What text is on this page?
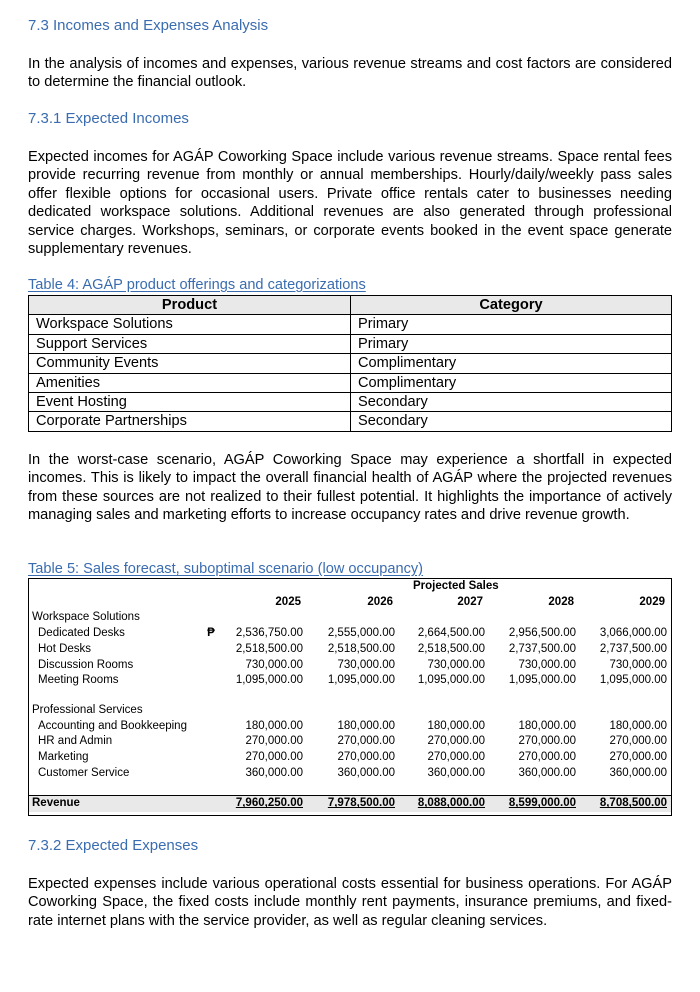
7.3 Incomes and Expenses Analysis
In the analysis of incomes and expenses, various revenue streams and cost factors are considered to determine the financial outlook.
7.3.1 Expected Incomes
Expected incomes for AGÁP Coworking Space include various revenue streams. Space rental fees provide recurring revenue from monthly or annual memberships. Hourly/daily/weekly pass sales offer flexible options for occasional users. Private office rentals cater to businesses needing dedicated workspace solutions. Additional revenues are also generated through professional service charges. Workshops, seminars, or corporate events booked in the event space generate supplementary revenues.
Table 4: AGÁP product offerings and categorizations
Product	Category
Workspace Solutions	Primary
Support Services	Primary
Community Events	Complimentary
Amenities	Complimentary
Event Hosting	Secondary
Corporate Partnerships	Secondary
In the worst-case scenario, AGÁP Coworking Space may experience a shortfall in expected incomes. This is likely to impact the overall financial health of AGÁP where the projected revenues from these sources are not realized to their fullest potential. It highlights the importance of actively managing sales and marketing efforts to increase occupancy rates and drive revenue growth.
Table 5: Sales forecast, suboptimal scenario (low occupancy)
		Projected Sales				
		2025	2026	2027	2028	2029
Workspace Solutions						
Dedicated Desks	₱	2,536,750.00	2,555,000.00	2,664,500.00	2,956,500.00	3,066,000.00
Hot Desks		2,518,500.00	2,518,500.00	2,518,500.00	2,737,500.00	2,737,500.00
Discussion Rooms		730,000.00	730,000.00	730,000.00	730,000.00	730,000.00
Meeting Rooms		1,095,000.00	1,095,000.00	1,095,000.00	1,095,000.00	1,095,000.00

Professional Services						
Accounting and Bookkeeping		180,000.00	180,000.00	180,000.00	180,000.00	180,000.00
HR and Admin		270,000.00	270,000.00	270,000.00	270,000.00	270,000.00
Marketing		270,000.00	270,000.00	270,000.00	270,000.00	270,000.00
Customer Service		360,000.00	360,000.00	360,000.00	360,000.00	360,000.00

Revenue		7,960,250.00	7,978,500.00	8,088,000.00	8,599,000.00	8,708,500.00
7.3.2 Expected Expenses
Expected expenses include various operational costs essential for business operations. For AGÁP Coworking Space, the fixed costs include monthly rent payments, insurance premiums, and fixed-rate internet plans with the service provider, as well as regular cleaning services.
